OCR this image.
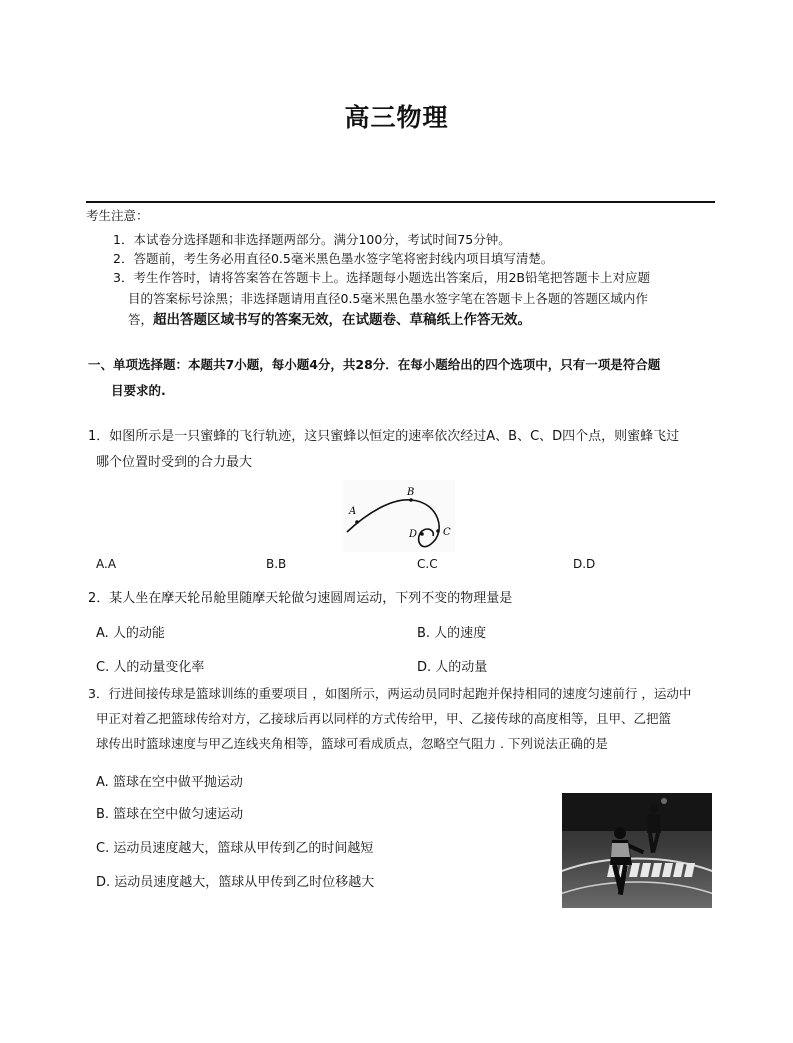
高三物理
考生注意：
1．本试卷分选择题和非选择题两部分。满分100分，考试时间75分钟。
2．答题前，考生务必用直径0.5毫米黑色墨水签字笔将密封线内项目填写清楚。
3．考生作答时，请将答案答在答题卡上。选择题每小题选出答案后，用2B铅笔把答题卡上对应题
目的答案标号涂黑；非选择题请用直径0.5毫米黑色墨水签字笔在答题卡上各题的答题区域内作
答，超出答题区域书写的答案无效，在试题卷、草稿纸上作答无效。
一、单项选择题：本题共7小题，每小题4分，共28分．在每小题给出的四个选项中，只有一项是符合题
目要求的.
1．如图所示是一只蜜蜂的飞行轨迹，这只蜜蜂以恒定的速率依次经过A、B、C、D四个点，则蜜蜂飞过
哪个位置时受到的合力最大
A
B
C
D
A.A	B.B	C.C	D.D
2．某人坐在摩天轮吊舱里随摩天轮做匀速圆周运动，下列不变的物理量是
A. 人的动能	B. 人的速度
C. 人的动量变化率	D. 人的动量
3．行进间接传球是篮球训练的重要项目 ，如图所示，两运动员同时起跑并保持相同的速度匀速前行 ，运动中
甲正对着乙把篮球传给对方，乙接球后再以同样的方式传给甲，甲、乙接传球的高度相等，且甲、乙把篮
球传出时篮球速度与甲乙连线夹角相等，篮球可看成质点，忽略空气阻力 . 下列说法正确的是
A. 篮球在空中做平抛运动
B. 篮球在空中做匀速运动
C. 运动员速度越大，篮球从甲传到乙的时间越短
D. 运动员速度越大，篮球从甲传到乙时位移越大
